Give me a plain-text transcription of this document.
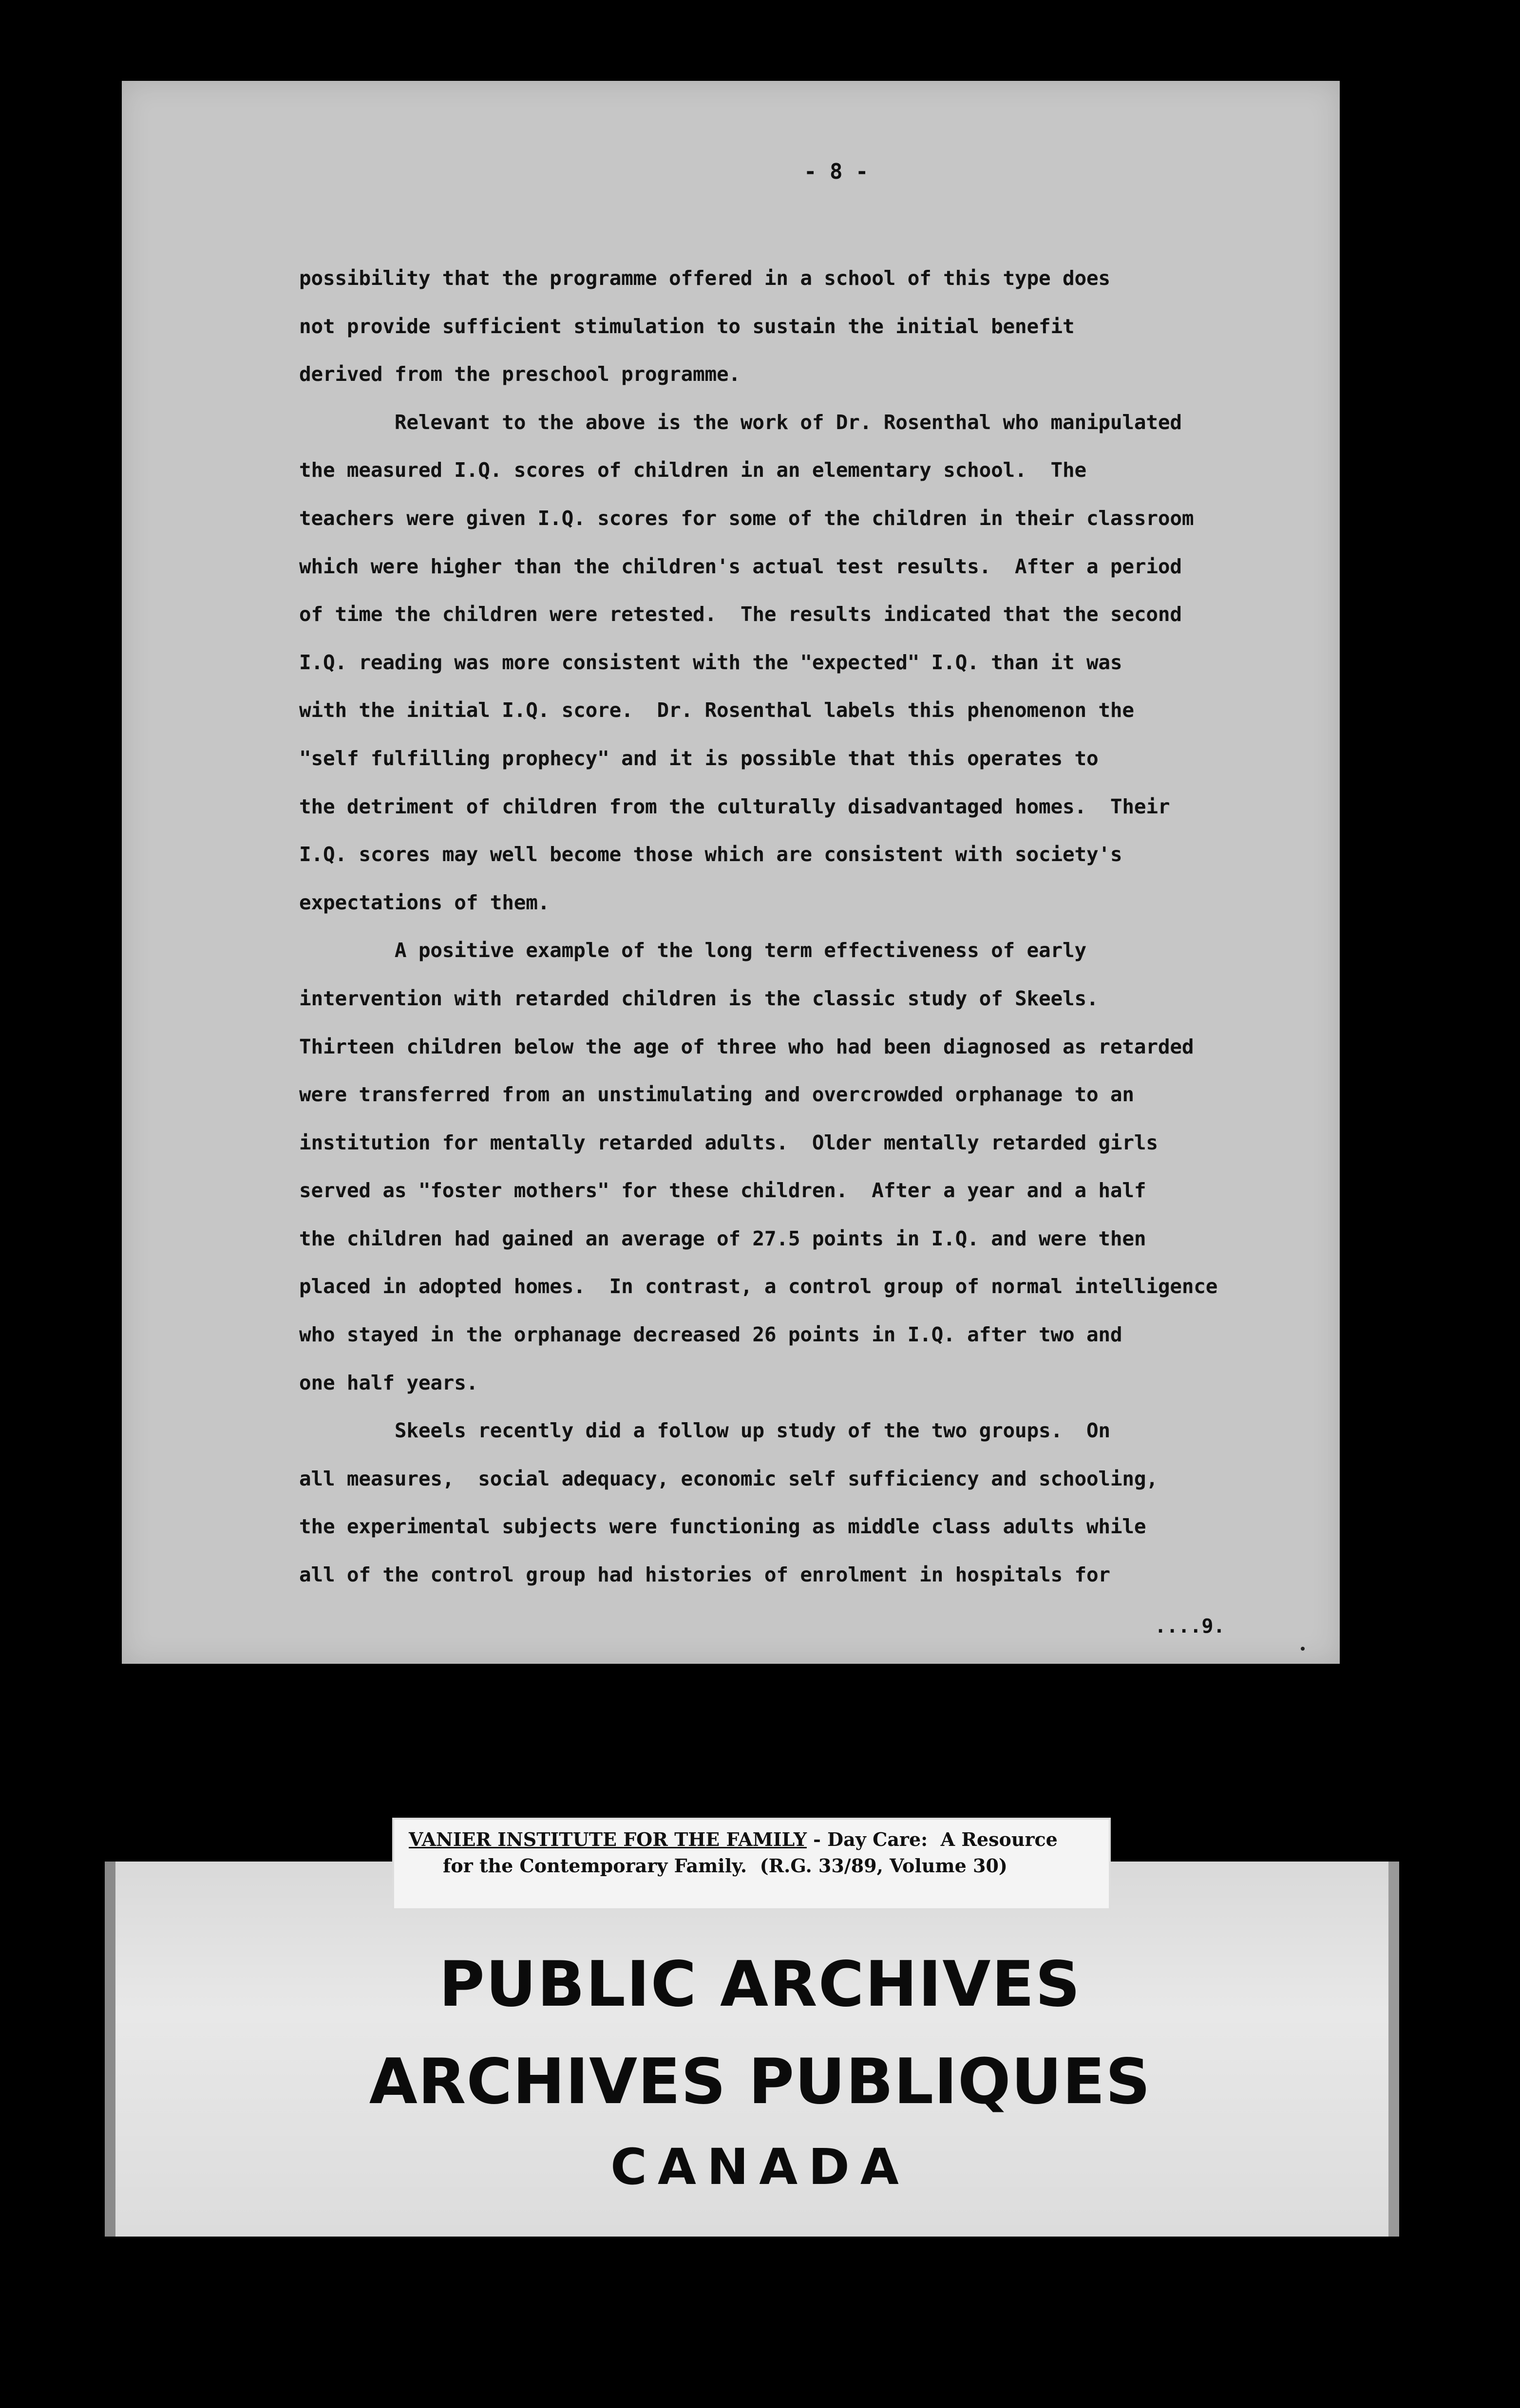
- 8 -
possibility that the programme offered in a school of this type does
not provide sufficient stimulation to sustain the initial benefit
derived from the preschool programme.
Relevant to the above is the work of Dr. Rosenthal who manipulated
the measured I.Q. scores of children in an elementary school.  The
teachers were given I.Q. scores for some of the children in their classroom
which were higher than the children's actual test results.  After a period
of time the children were retested.  The results indicated that the second
I.Q. reading was more consistent with the "expected" I.Q. than it was
with the initial I.Q. score.  Dr. Rosenthal labels this phenomenon the
"self fulfilling prophecy" and it is possible that this operates to
the detriment of children from the culturally disadvantaged homes.  Their
I.Q. scores may well become those which are consistent with society's
expectations of them.
A positive example of the long term effectiveness of early
intervention with retarded children is the classic study of Skeels.
Thirteen children below the age of three who had been diagnosed as retarded
were transferred from an unstimulating and overcrowded orphanage to an
institution for mentally retarded adults.  Older mentally retarded girls
served as "foster mothers" for these children.  After a year and a half
the children had gained an average of 27.5 points in I.Q. and were then
placed in adopted homes.  In contrast, a control group of normal intelligence
who stayed in the orphanage decreased 26 points in I.Q. after two and
one half years.
Skeels recently did a follow up study of the two groups.  On
all measures,  social adequacy, economic self sufficiency and schooling,
the experimental subjects were functioning as middle class adults while
all of the control group had histories of enrolment in hospitals for
....9.
VANIER INSTITUTE FOR THE FAMILY - Day Care:  A Resource
for the Contemporary Family.  (R.G. 33/89, Volume 30)
PUBLIC ARCHIVES
ARCHIVES PUBLIQUES
CANADA
